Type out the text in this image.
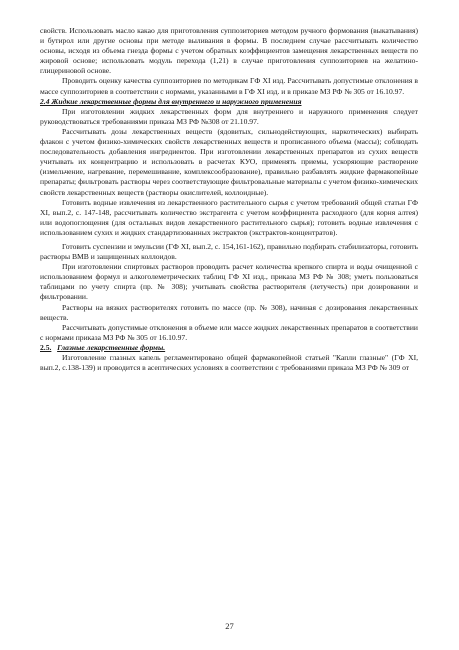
свойств. Использовать масло какао для приготовления суппозиториев методом ручного формования (выкатывания) и бутирол или другие основы при методе выливания в формы. В последнем случае рассчитывать количество основы, исходя из объема гнезда формы с учетом обратных коэффициентов замещения лекарственных веществ по жировой основе; использовать модуль перехода (1,21) в случае приготовления суппозиториев на желатино-глицериновой основе.

Проводить оценку качества суппозиториев по методикам ГФ XI изд. Рассчитывать допустимые отклонения в массе суппозиториев в соответствии с нормами, указанными в ГФ XI изд. и в приказе МЗ РФ № 305 от 16.10.97.

2.4 Жидкие лекарственные формы для внутреннего и наружного применения

При изготовлении жидких лекарственных форм для внутреннего и наружного применения следует руководствоваться требованиями приказа МЗ РФ №308 от 21.10.97.

Рассчитывать дозы лекарственных веществ (ядовитых, сильнодействующих, наркотических) выбирать флакон с учетом физико-химических свойств лекарственных веществ и прописанного объема (массы); соблюдать последовательность добавления ингредиентов. При изготовлении лекарственных препаратов из сухих веществ учитывать их концентрацию и использовать в расчетах КУО, применять приемы, ускоряющие растворение (измельчение, нагревание, перемешивание, комплексообразование), правильно разбавлять жидкие фармакопейные препараты; фильтровать растворы через соответствующие фильтровальные материалы с учетом физико-химических свойств лекарственных веществ (растворы окислителей, коллоидные).

Готовить водные извлечения из лекарственного растительного сырья с учетом требований общей статьи ГФ XI, вып.2, с. 147-148, рассчитывать количество экстрагента с учетом коэффициента расходного (для корня алтея) или водопоглощения (для остальных видов лекарственного растительного сырья); готовить водные извлечения с использованием сухих и жидких стандартизованных экстрактов (экстрактов-концентратов).

Готовить суспензии и эмульсии (ГФ XI, вып.2, с. 154,161-162), правильно подбирать стабилизаторы, готовить растворы ВМВ и защищенных коллоидов.

При изготовлении спиртовых растворов проводить расчет количества крепкого спирта и воды очищенной с использованием формул и алкоголеметрических таблиц ГФ XI изд., приказа МЗ РФ № 308; уметь пользоваться таблицами по учету спирта (пр. № 308); учитывать свойства растворителя (летучесть) при дозировании и фильтровании.

Растворы на вязких растворителях готовить по массе (пр. № 308), начиная с дозирования лекарственных веществ.

Рассчитывать допустимые отклонения в объеме или массе жидких лекарственных препаратов в соответствии с нормами приказа МЗ РФ № 305 от 16.10.97.

2.5. Глазные лекарственные формы.

Изготовление глазных капель регламентировано общей фармакопейной статьей "Капли глазные" (ГФ XI, вып.2, с.138-139) и проводится в асептических условиях в соответствии с требованиями приказа МЗ РФ № 309 от

27
